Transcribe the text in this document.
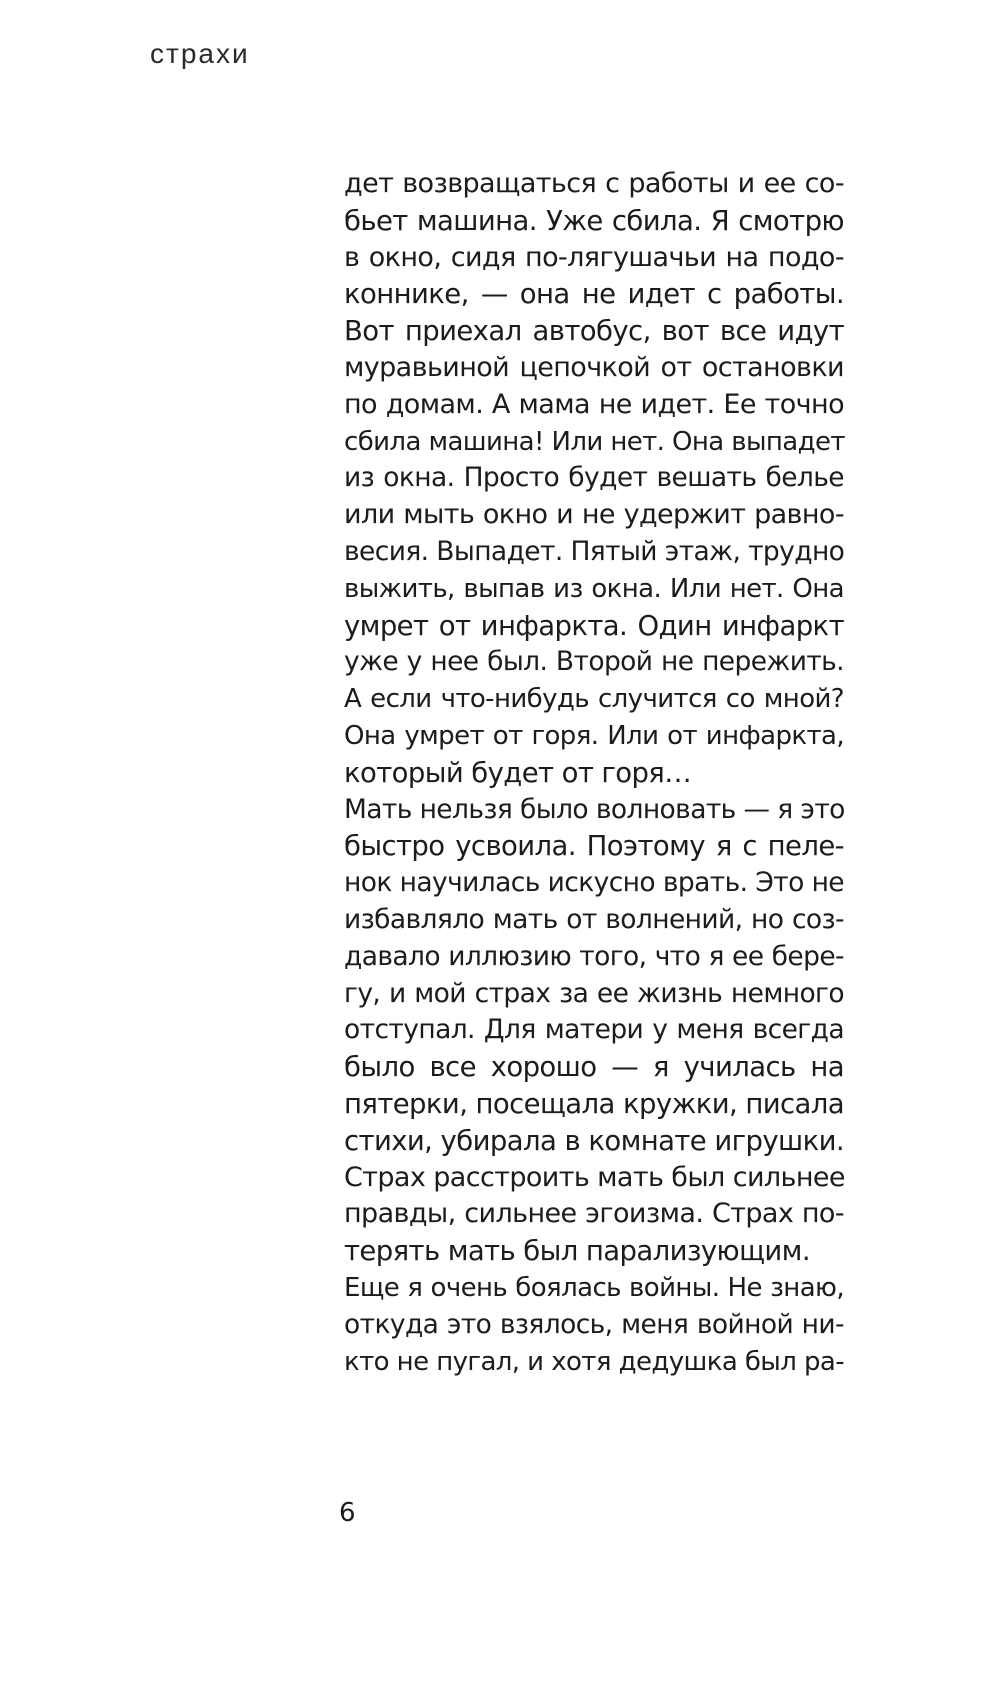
страхи
дет возвращаться с работы и ее со-
бьет машина. Уже сбила. Я смотрю
в окно, сидя по-лягушачьи на подо-
коннике, — она не идет с работы.
Вот приехал автобус, вот все идут
муравьиной цепочкой от остановки
по домам. А мама не идет. Ее точно
сбила машина! Или нет. Она выпадет
из окна. Просто будет вешать белье
или мыть окно и не удержит равно-
весия. Выпадет. Пятый этаж, трудно
выжить, выпав из окна. Или нет. Она
умрет от инфаркта. Один инфаркт
уже у нее был. Второй не пережить.
А если что-нибудь случится со мной?
Она умрет от горя. Или от инфаркта,
который будет от горя…
Мать нельзя было волновать — я это
быстро усвоила. Поэтому я с пеле-
нок научилась искусно врать. Это не
избавляло мать от волнений, но соз-
давало иллюзию того, что я ее бере-
гу, и мой страх за ее жизнь немного
отступал. Для матери у меня всегда
было все хорошо — я училась на
пятерки, посещала кружки, писала
стихи, убирала в комнате игрушки.
Страх расстроить мать был сильнее
правды, сильнее эгоизма. Страх по-
терять мать был парализующим.
Еще я очень боялась войны. Не знаю,
откуда это взялось, меня войной ни-
кто не пугал, и хотя дедушка был ра-
6
